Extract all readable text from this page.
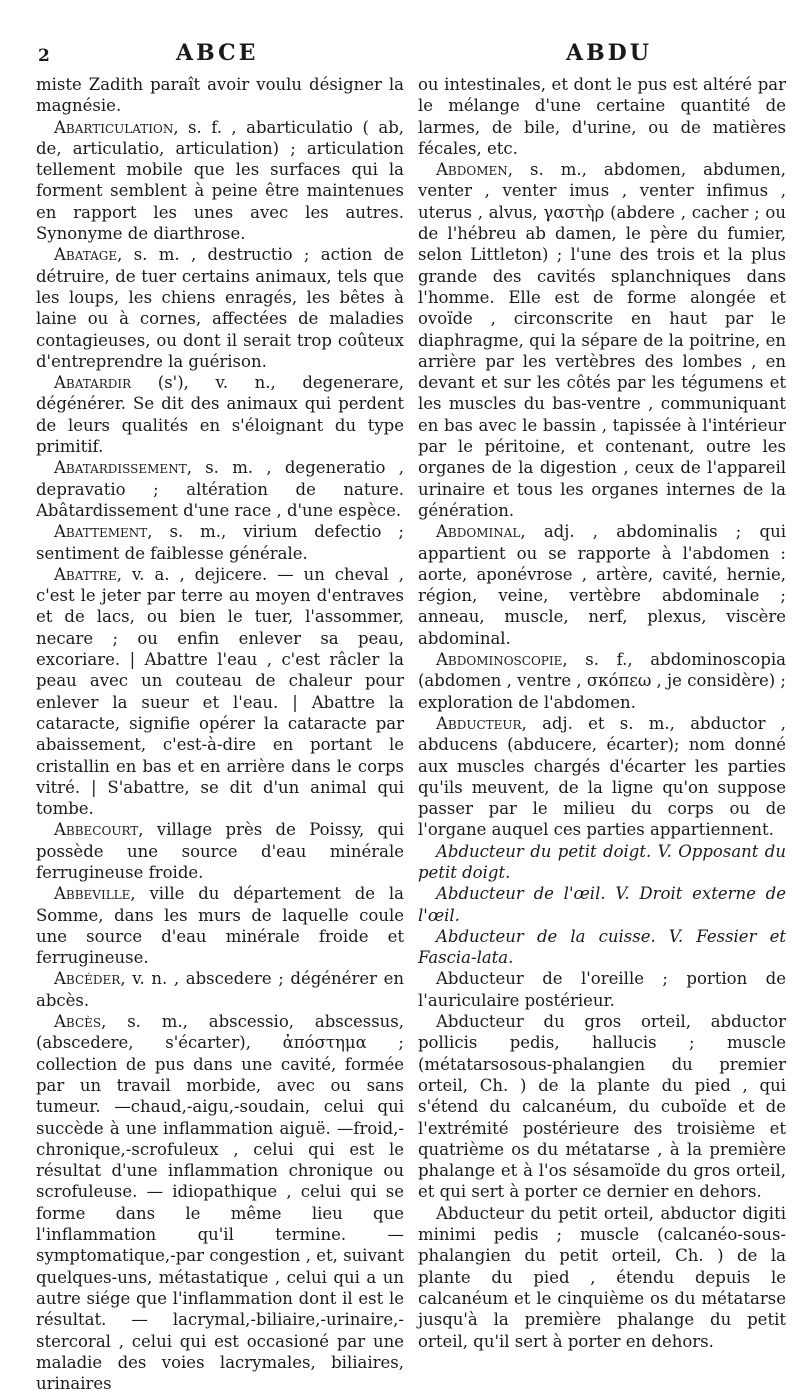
2	ABCE	ABDU

miste Zadith paraît avoir voulu désigner la magnésie.

Abarticulation, s. f. , abarticulatio ( ab, de, articulatio, articulation) ; articulation tellement mobile que les surfaces qui la forment semblent à peine être maintenues en rapport les unes avec les autres. Synonyme de diarthrose.

Abatage, s. m. , destructio ; action de détruire, de tuer certains animaux, tels que les loups, les chiens enragés, les bêtes à laine ou à cornes, affectées de maladies contagieuses, ou dont il serait trop coûteux d'entreprendre la guérison.

Abatardir (s'), v. n., degenerare, dégénérer. Se dit des animaux qui perdent de leurs qualités en s'éloignant du type primitif.

Abatardissement, s. m. , degeneratio , depravatio ; altération de nature. Abâtardissement d'une race , d'une espèce.

Abattement, s. m., virium defectio ; sentiment de faiblesse générale.

Abattre, v. a. , dejicere. — un cheval , c'est le jeter par terre au moyen d'entraves et de lacs, ou bien le tuer, l'assommer, necare ; ou enfin enlever sa peau, excoriare. | Abattre l'eau , c'est râcler la peau avec un couteau de chaleur pour enlever la sueur et l'eau. | Abattre la cataracte, signifie opérer la cataracte par abaissement, c'est-à-dire en portant le cristallin en bas et en arrière dans le corps vitré. | S'abattre, se dit d'un animal qui tombe.

Abbecourt, village près de Poissy, qui possède une source d'eau minérale ferrugineuse froide.

Abbeville, ville du département de la Somme, dans les murs de laquelle coule une source d'eau minérale froide et ferrugineuse.

Abcéder, v. n. , abscedere ; dégénérer en abcès.

Abcès, s. m., abscessio, abscessus, (abscedere, s'écarter), ἀπόστημα ; collection de pus dans une cavité, formée par un travail morbide, avec ou sans tumeur. —chaud,-aigu,-soudain, celui qui succède à une inflammation aiguë. —froid,-chronique,-scrofuleux , celui qui est le résultat d'une inflammation chronique ou scrofuleuse. — idiopathique , celui qui se forme dans le même lieu que l'inflammation qu'il termine. —symptomatique,-par congestion , et, suivant quelques-uns, métastatique , celui qui a un autre siége que l'inflammation dont il est le résultat. — lacrymal,-biliaire,-urinaire,-stercoral , celui qui est occasioné par une maladie des voies lacrymales, biliaires, urinaires

ou intestinales, et dont le pus est altéré par le mélange d'une certaine quantité de larmes, de bile, d'urine, ou de matières fécales, etc.

Abdomen, s. m., abdomen, abdumen, venter , venter imus , venter infimus , uterus , alvus, γαστὴρ (abdere , cacher ; ou de l'hébreu ab damen, le père du fumier, selon Littleton) ; l'une des trois et la plus grande des cavités splanchniques dans l'homme. Elle est de forme alongée et ovoïde , circonscrite en haut par le diaphragme, qui la sépare de la poitrine, en arrière par les vertèbres des lombes , en devant et sur les côtés par les tégumens et les muscles du bas-ventre , communiquant en bas avec le bassin , tapissée à l'intérieur par le péritoine, et contenant, outre les organes de la digestion , ceux de l'appareil urinaire et tous les organes internes de la génération.

Abdominal, adj. , abdominalis ; qui appartient ou se rapporte à l'abdomen : aorte, aponévrose , artère, cavité, hernie, région, veine, vertèbre abdominale ; anneau, muscle, nerf, plexus, viscère abdominal.

Abdominoscopie, s. f., abdominoscopia (abdomen , ventre , σκόπεω , je considère) ; exploration de l'abdomen.

Abducteur, adj. et s. m., abductor , abducens (abducere, écarter); nom donné aux muscles chargés d'écarter les parties qu'ils meuvent, de la ligne qu'on suppose passer par le milieu du corps ou de l'organe auquel ces parties appartiennent.

Abducteur du petit doigt. V. Opposant du petit doigt.

Abducteur de l'œil. V. Droit externe de l'œil.

Abducteur de la cuisse. V. Fessier et Fascia-lata.

Abducteur de l'oreille ; portion de l'auriculaire postérieur.

Abducteur du gros orteil, abductor pollicis pedis, hallucis ; muscle (métatarsosous-phalangien du premier orteil, Ch. ) de la plante du pied , qui s'étend du calcanéum, du cuboïde et de l'extrémité postérieure des troisième et quatrième os du métatarse , à la première phalange et à l'os sésamoïde du gros orteil, et qui sert à porter ce dernier en dehors.

Abducteur du petit orteil, abductor digiti minimi pedis ; muscle (calcanéo-sous-phalangien du petit orteil, Ch. ) de la plante du pied , étendu depuis le calcanéum et le cinquième os du métatarse jusqu'à la première phalange du petit orteil, qu'il sert à porter en dehors.
